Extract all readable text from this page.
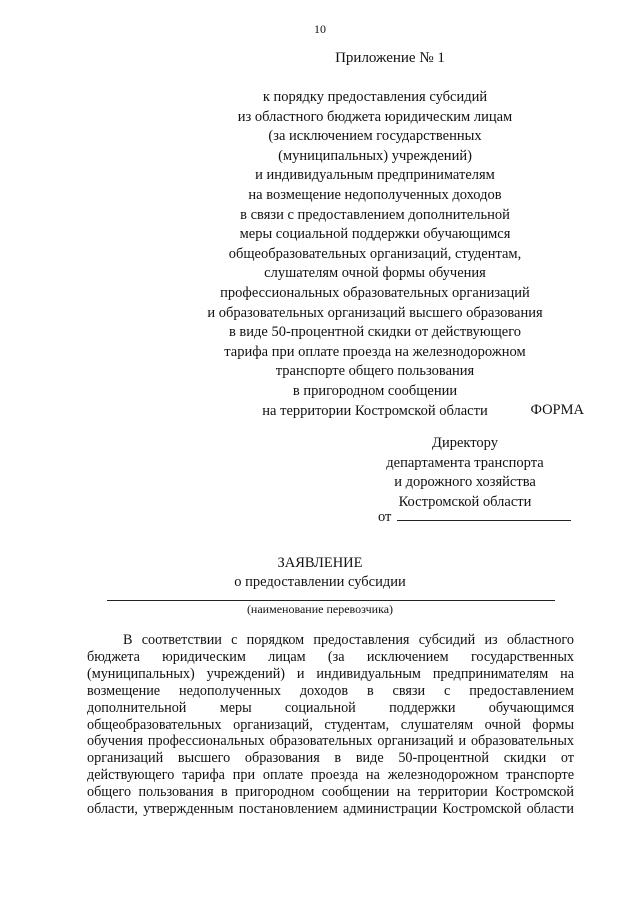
10
Приложение № 1
к порядку предоставления субсидий
из областного бюджета юридическим лицам
(за исключением государственных
(муниципальных) учреждений)
и индивидуальным предпринимателям
на возмещение недополученных доходов
в связи с предоставлением дополнительной
меры социальной поддержки обучающимся
общеобразовательных организаций, студентам,
слушателям очной формы обучения
профессиональных образовательных организаций
и образовательных организаций высшего образования
в виде 50-процентной скидки от действующего
тарифа при оплате проезда на железнодорожном
транспорте общего пользования
в пригородном сообщении
на территории Костромской области	ФОРМА
Директору
департамента транспорта
и дорожного хозяйства
Костромской области
от
ЗАЯВЛЕНИЕ
о предоставлении субсидии
(наименование перевозчика)
В соответствии с порядком предоставления субсидий из областного
бюджета юридическим лицам (за исключением государственных
(муниципальных) учреждений) и индивидуальным предпринимателям на
возмещение недополученных доходов в связи с предоставлением
дополнительной меры социальной поддержки обучающимся
общеобразовательных организаций, студентам, слушателям очной формы
обучения профессиональных образовательных организаций и образовательных
организаций высшего образования в виде 50-процентной скидки от
действующего тарифа при оплате проезда на железнодорожном транспорте
общего пользования в пригородном сообщении на территории Костромской
области, утвержденным постановлением администрации Костромской области
